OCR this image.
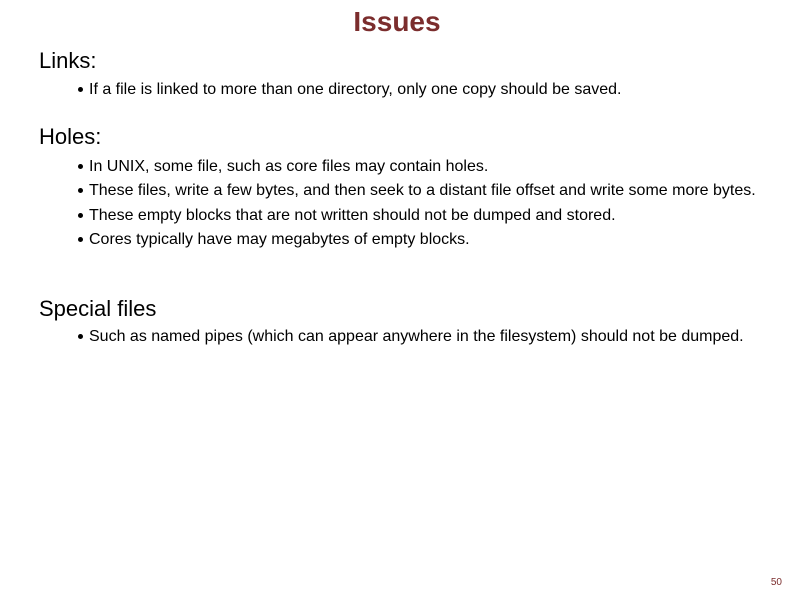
Issues
Links:
If a file is linked to more than one directory, only one copy should be saved.
Holes:
In UNIX, some file, such as core files may contain holes.
These files, write a few bytes, and then seek to a distant file offset and write some more bytes.
These empty blocks that are not written should not be dumped and stored.
Cores typically have may megabytes of empty blocks.
Special files
Such as named pipes (which can appear anywhere in the filesystem) should not be dumped.
50
